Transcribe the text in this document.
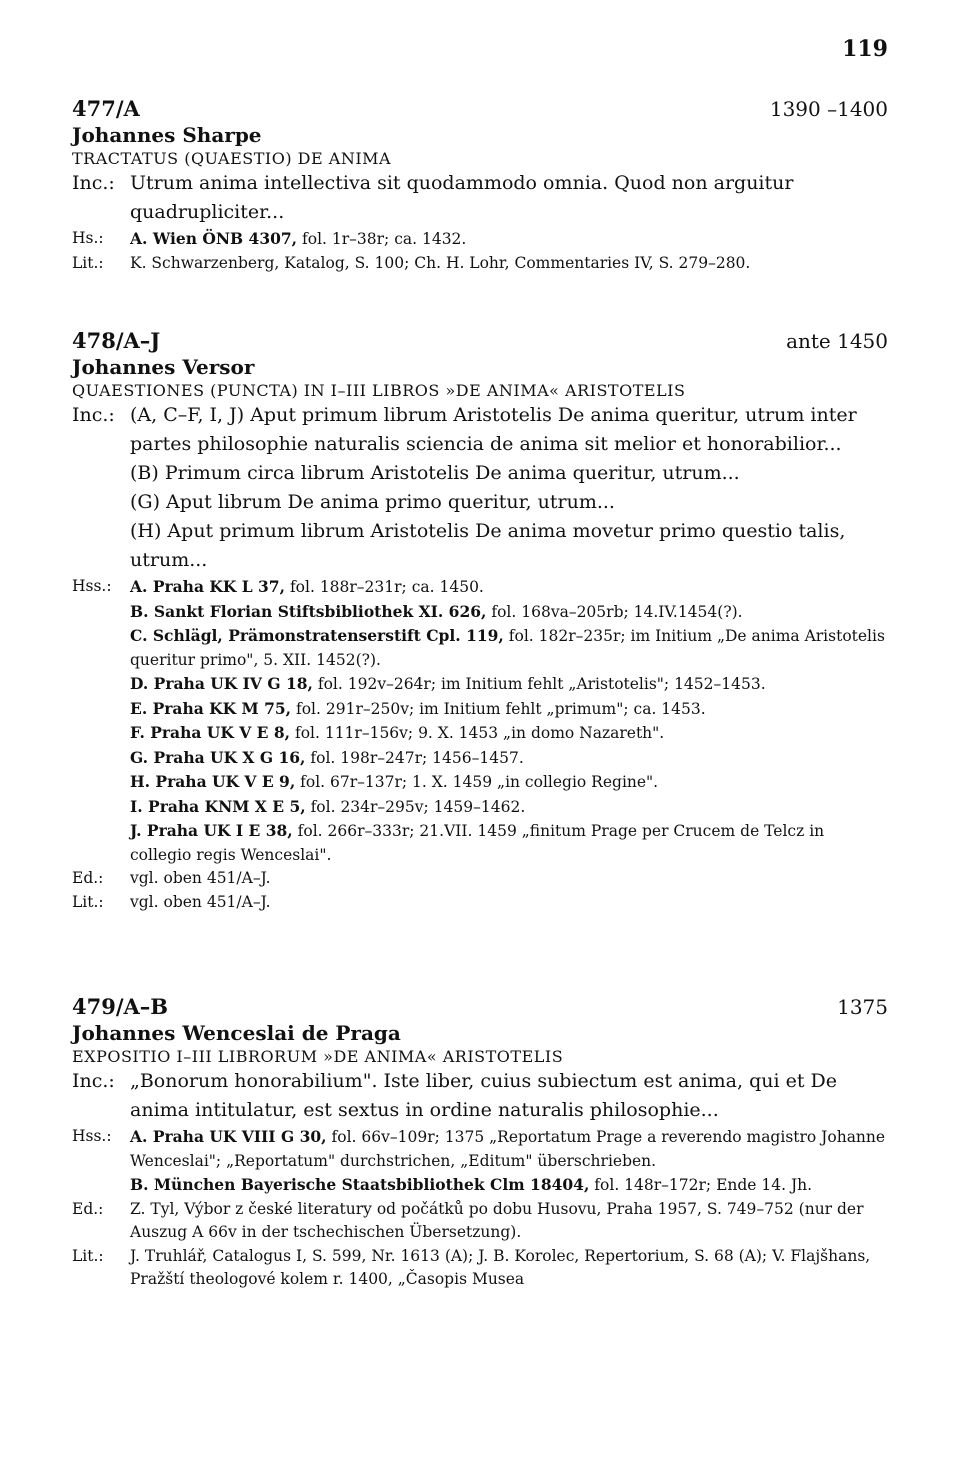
119
477/A	1390 –1400
Johannes Sharpe
TRACTATUS (QUAESTIO) DE ANIMA
Inc.: Utrum anima intellectiva sit quodammodo omnia. Quod non arguitur quadrupliciter...
Hs.:	A. Wien ÖNB 4307, fol. 1r–38r; ca. 1432.
Lit.:	K. Schwarzenberg, Katalog, S. 100; Ch. H. Lohr, Commentaries IV, S. 279–280.
478/A–J	ante 1450
Johannes Versor
QUAESTIONES (PUNCTA) IN I–III LIBROS »DE ANIMA« ARISTOTELIS
Inc.: (A, C–F, I, J) Aput primum librum Aristotelis De anima queritur, utrum inter partes philosophie naturalis sciencia de anima sit melior et honorabilior...

(B) Primum circa librum Aristotelis De anima queritur, utrum...

(G) Aput librum De anima primo queritur, utrum...

(H) Aput primum librum Aristotelis De anima movetur primo questio talis, utrum...

Hss.:	A. Praha KK L 37, fol. 188r–231r; ca. 1450.

B. Sankt Florian Stiftsbibliothek XI. 626, fol. 168va–205rb; 14.IV.1454(?).

C. Schlägl, Prämonstratenserstift Cpl. 119, fol. 182r–235r; im Initium „De anima Aristotelis queritur primo", 5. XII. 1452(?).

D. Praha UK IV G 18, fol. 192v–264r; im Initium fehlt „Aristotelis"; 1452–1453.

E. Praha KK M 75, fol. 291r–250v; im Initium fehlt „primum"; ca. 1453.

F. Praha UK V E 8, fol. 111r–156v; 9. X. 1453 „in domo Nazareth".

G. Praha UK X G 16, fol. 198r–247r; 1456–1457.

H. Praha UK V E 9, fol. 67r–137r; 1. X. 1459 „in collegio Regine".

I. Praha KNM X E 5, fol. 234r–295v; 1459–1462.

J. Praha UK I E 38, fol. 266r–333r; 21.VII. 1459 „finitum Prage per Crucem de Telcz in collegio regis Wenceslai".

Ed.:	vgl. oben 451/A–J.
Lit.:	vgl. oben 451/A–J.
479/A–B	1375
Johannes Wenceslai de Praga
EXPOSITIO I–III LIBRORUM »DE ANIMA« ARISTOTELIS
Inc.: „Bonorum honorabilium". Iste liber, cuius subiectum est anima, qui et De anima intitulatur, est sextus in ordine naturalis philosophie...
Hss.:	A. Praha UK VIII G 30, fol. 66v–109r; 1375 „Reportatum Prage a reverendo magistro Johanne Wenceslai"; „Reportatum" durchstrichen, „Editum" überschrieben.

B. München Bayerische Staatsbibliothek Clm 18404, fol. 148r–172r; Ende 14. Jh.

Ed.:	Z. Tyl, Výbor z české literatury od počátků po dobu Husovu, Praha 1957, S. 749–752 (nur der Auszug A 66v in der tschechischen Übersetzung).
Lit.:	J. Truhlář, Catalogus I, S. 599, Nr. 1613 (A); J. B. Korolec, Repertorium, S. 68 (A); V. Flajšhans, Pražští theologové kolem r. 1400, „Časopis Musea
